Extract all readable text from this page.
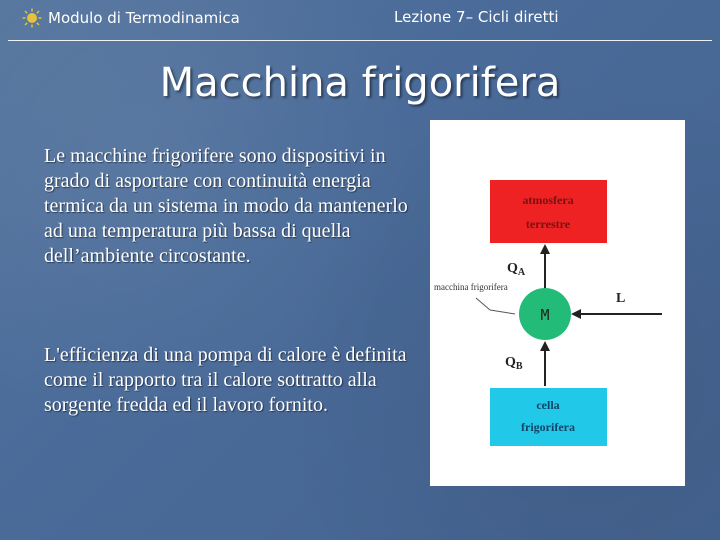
Modulo di Termodinamica	Lezione 7– Cicli diretti
Macchina frigorifera
Le macchine frigorifere sono dispositivi in grado di asportare con continuità energia termica da un sistema in modo da mantenerlo ad una temperatura più bassa di quella dell’ambiente circostante.
L'efficienza di una pompa di calore è definita come il rapporto tra il calore sottratto alla sorgente fredda ed il lavoro fornito.
atmosfera
terrestre
$Q_A$
macchina frigorifera
M
L
$Q_B$
cella
frigorifera
